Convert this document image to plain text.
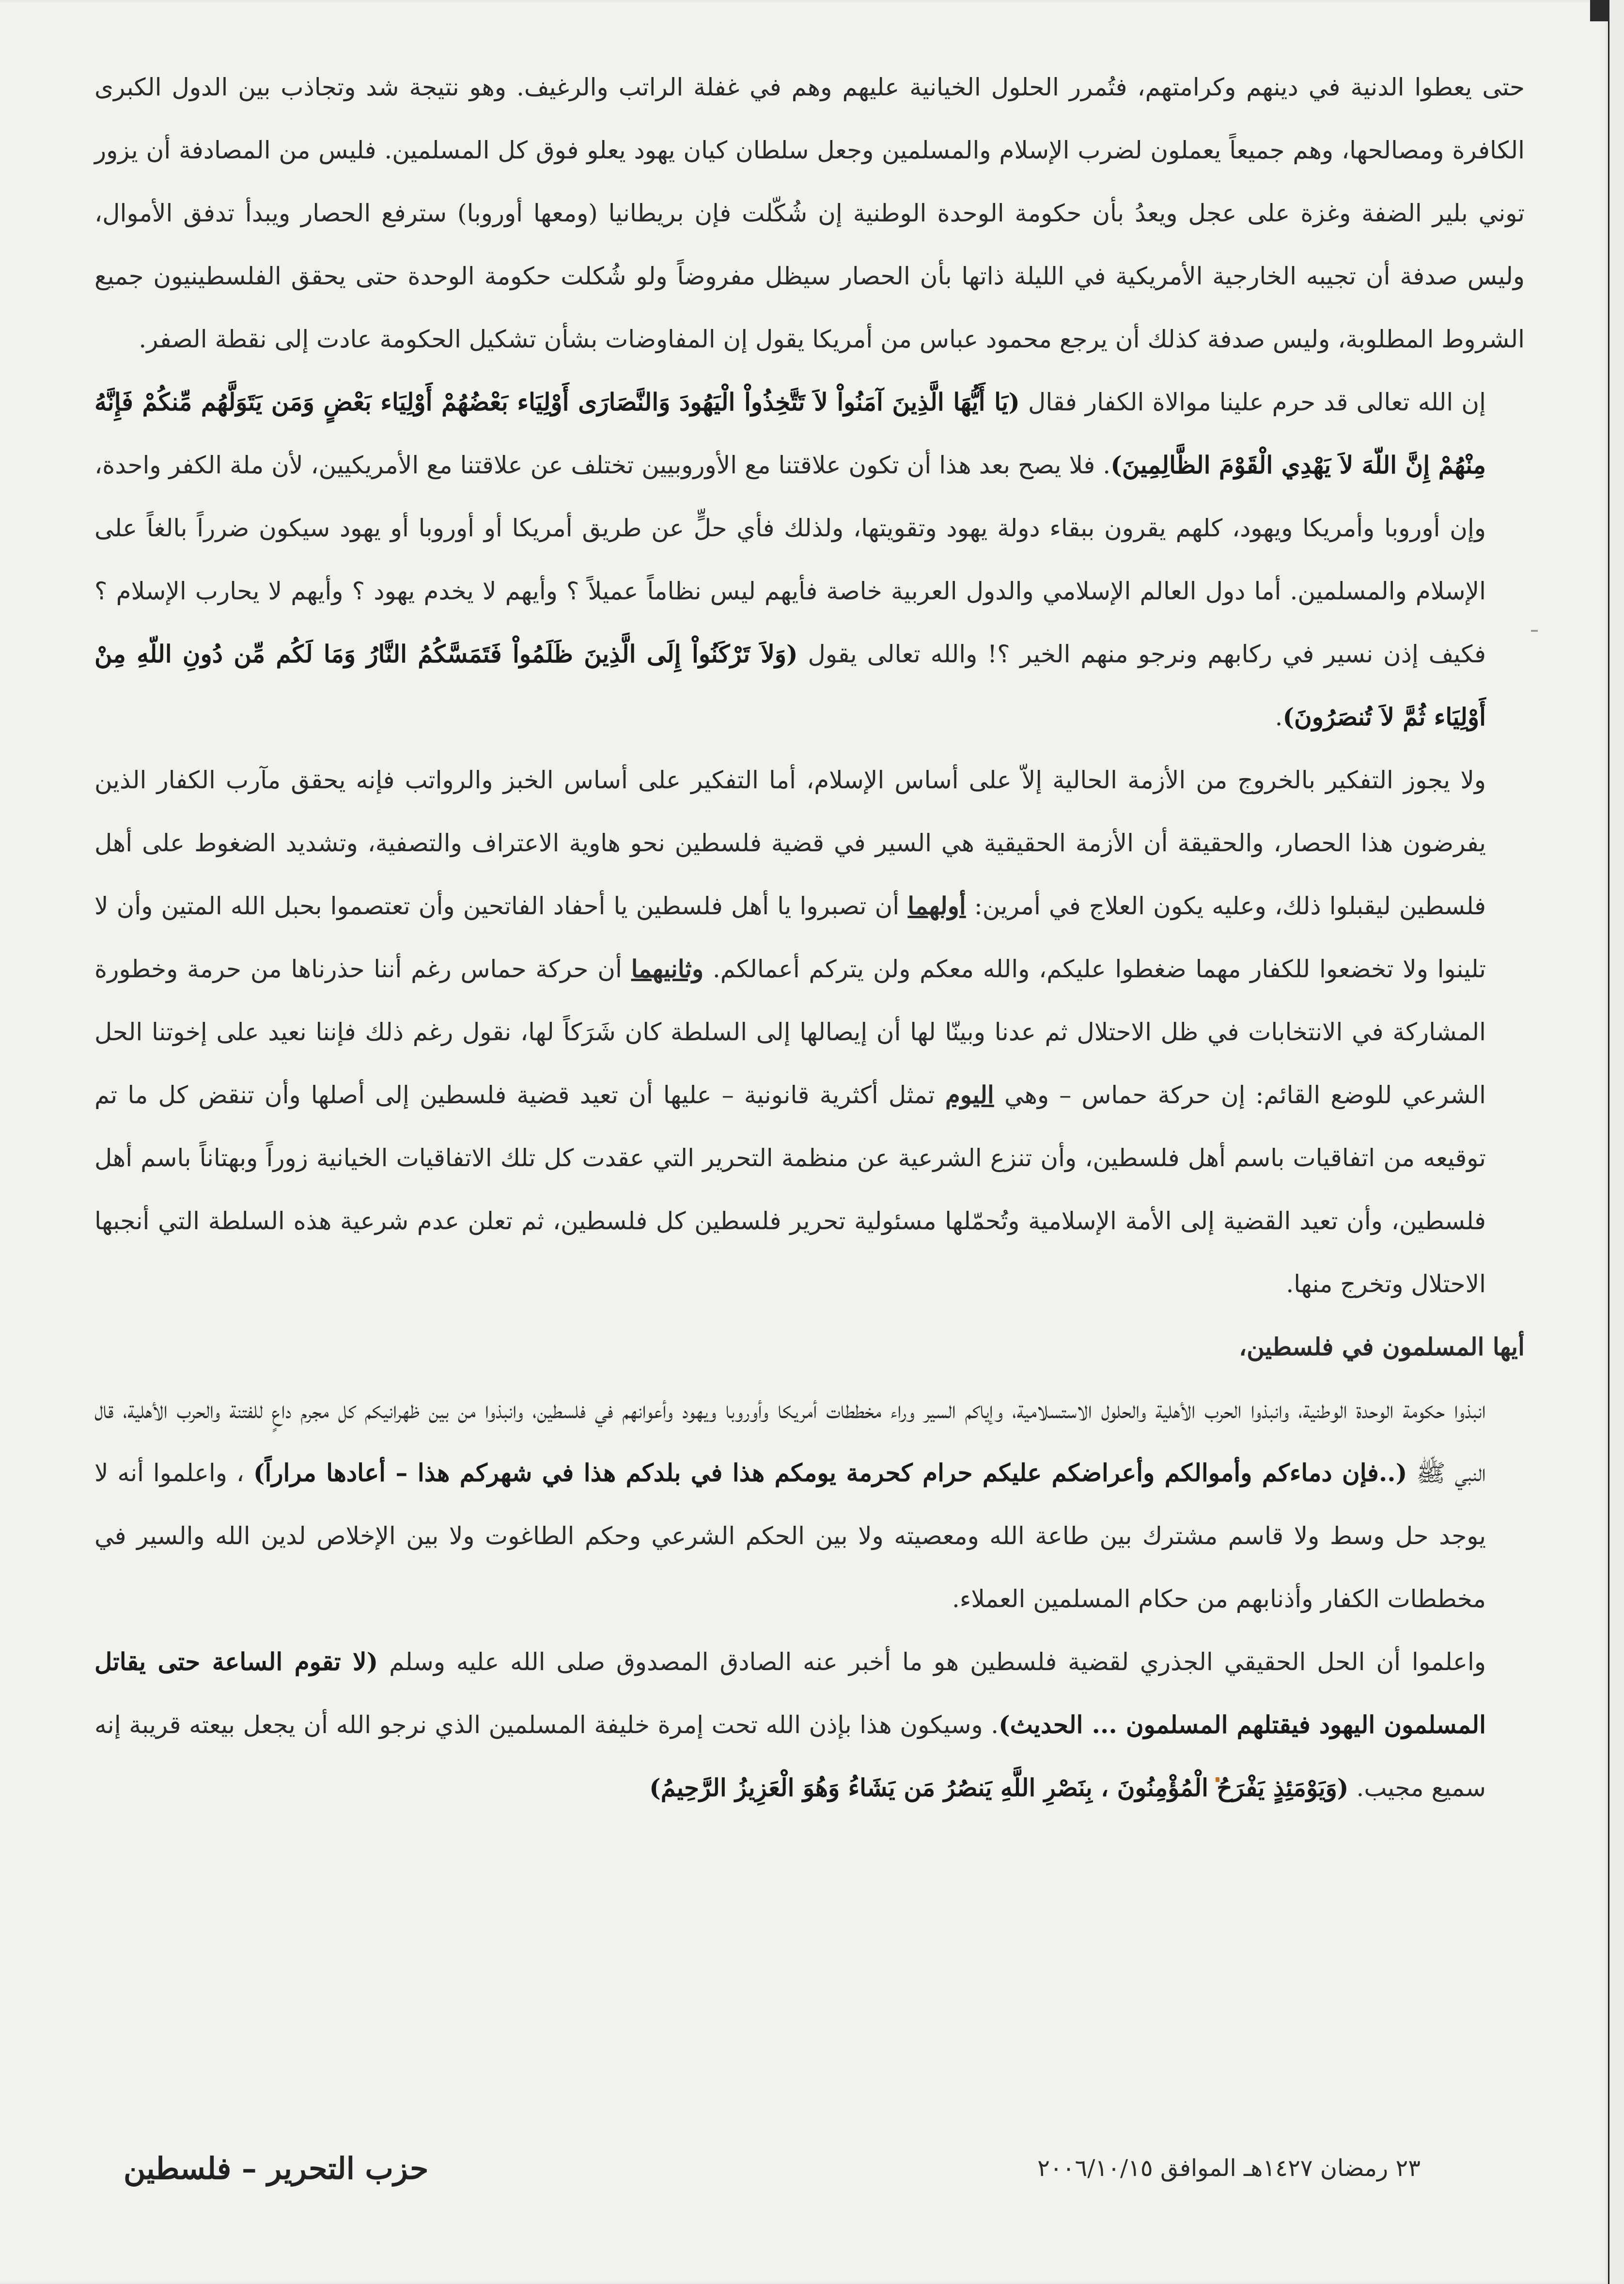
حتى يعطوا الدنية في دينهم وكرامتهم، فتُمرر الحلول الخيانية عليهم وهم في غفلة الراتب والرغيف. وهو نتيجة شد وتجاذب بين الدول الكبرى الكافرة ومصالحها، وهم جميعاً يعملون لضرب الإسلام والمسلمين وجعل سلطان كيان يهود يعلو فوق كل المسلمين. فليس من المصادفة أن يزور توني بلير الضفة وغزة على عجل ويعدُ بأن حكومة الوحدة الوطنية إن شُكّلت فإن بريطانيا (ومعها أوروبا) سترفع الحصار ويبدأ تدفق الأموال، وليس صدفة أن تجيبه الخارجية الأمريكية في الليلة ذاتها بأن الحصار سيظل مفروضاً ولو شُكلت حكومة الوحدة حتى يحقق الفلسطينيون جميع الشروط المطلوبة، وليس صدفة كذلك أن يرجع محمود عباس من أمريكا يقول إن المفاوضات بشأن تشكيل الحكومة عادت إلى نقطة الصفر.

إن الله تعالى قد حرم علينا موالاة الكفار فقال (يَا أَيُّهَا الَّذِينَ آمَنُواْ لاَ تَتَّخِذُواْ الْيَهُودَ وَالنَّصَارَى أَوْلِيَاء بَعْضُهُمْ أَوْلِيَاء بَعْضٍ وَمَن يَتَوَلَّهُم مِّنكُمْ فَإِنَّهُ مِنْهُمْ إِنَّ اللّهَ لاَ يَهْدِي الْقَوْمَ الظَّالِمِينَ). فلا يصح بعد هذا أن تكون علاقتنا مع الأوروبيين تختلف عن علاقتنا مع الأمريكيين، لأن ملة الكفر واحدة، وإن أوروبا وأمريكا ويهود، كلهم يقرون ببقاء دولة يهود وتقويتها، ولذلك فأي حلٍّ عن طريق أمريكا أو أوروبا أو يهود سيكون ضرراً بالغاً على الإسلام والمسلمين. أما دول العالم الإسلامي والدول العربية خاصة فأيهم ليس نظاماً عميلاً ؟ وأيهم لا يخدم يهود ؟ وأيهم لا يحارب الإسلام ؟ فكيف إذن نسير في ركابهم ونرجو منهم الخير ؟! والله تعالى يقول (وَلاَ تَرْكَنُواْ إِلَى الَّذِينَ ظَلَمُواْ فَتَمَسَّكُمُ النَّارُ وَمَا لَكُم مِّن دُونِ اللّهِ مِنْ أَوْلِيَاء ثُمَّ لاَ تُنصَرُونَ).

ولا يجوز التفكير بالخروج من الأزمة الحالية إلاّ على أساس الإسلام، أما التفكير على أساس الخبز والرواتب فإنه يحقق مآرب الكفار الذين يفرضون هذا الحصار، والحقيقة أن الأزمة الحقيقية هي السير في قضية فلسطين نحو هاوية الاعتراف والتصفية، وتشديد الضغوط على أهل فلسطين ليقبلوا ذلك، وعليه يكون العلاج في أمرين: أولهما أن تصبروا يا أهل فلسطين يا أحفاد الفاتحين وأن تعتصموا بحبل الله المتين وأن لا تلينوا ولا تخضعوا للكفار مهما ضغطوا عليكم، والله معكم ولن يتركم أعمالكم. وثانيهما أن حركة حماس رغم أننا حذرناها من حرمة وخطورة المشاركة في الانتخابات في ظل الاحتلال ثم عدنا وبينّا لها أن إيصالها إلى السلطة كان شَرَكاً لها، نقول رغم ذلك فإننا نعيد على إخوتنا الحل الشرعي للوضع القائم: إن حركة حماس – وهي اليوم تمثل أكثرية قانونية – عليها أن تعيد قضية فلسطين إلى أصلها وأن تنقض كل ما تم توقيعه من اتفاقيات باسم أهل فلسطين، وأن تنزع الشرعية عن منظمة التحرير التي عقدت كل تلك الاتفاقيات الخيانية زوراً وبهتاناً باسم أهل فلسطين، وأن تعيد القضية إلى الأمة الإسلامية وتُحمّلها مسئولية تحرير فلسطين كل فلسطين، ثم تعلن عدم شرعية هذه السلطة التي أنجبها الاحتلال وتخرج منها.

أيها المسلمون في فلسطين،

انبذوا حكومة الوحدة الوطنية، وانبذوا الحرب الأهلية والحلول الاستسلامية، وإياكم السير وراء مخططات أمريكا وأوروبا ويهود وأعوانهم في فلسطين، وانبذوا من بين ظهرانيكم كل مجرم داعٍ للفتنة والحرب الأهلية، قال النبي ﷺ (..فإن دماءكم وأموالكم وأعراضكم عليكم حرام كحرمة يومكم هذا في بلدكم هذا في شهركم هذا – أعادها مراراً) ، واعلموا أنه لا يوجد حل وسط ولا قاسم مشترك بين طاعة الله ومعصيته ولا بين الحكم الشرعي وحكم الطاغوت ولا بين الإخلاص لدين الله والسير في مخططات الكفار وأذنابهم من حكام المسلمين العملاء.

واعلموا أن الحل الحقيقي الجذري لقضية فلسطين هو ما أخبر عنه الصادق المصدوق صلى الله عليه وسلم (لا تقوم الساعة حتى يقاتل المسلمون اليهود فيقتلهم المسلمون ... الحديث). وسيكون هذا بإذن الله تحت إمرة خليفة المسلمين الذي نرجو الله أن يجعل بيعته قريبة إنه سميع مجيب. (وَيَوْمَئِذٍ يَفْرَحُ الْمُؤْمِنُونَ ، بِنَصْرِ اللَّهِ يَنصُرُ مَن يَشَاءُ وَهُوَ الْعَزِيزُ الرَّحِيمُ)

٢٣ رمضان ١٤٢٧هـ الموافق ٢٠٠٦/١٠/١٥
حزب التحرير – فلسطين
